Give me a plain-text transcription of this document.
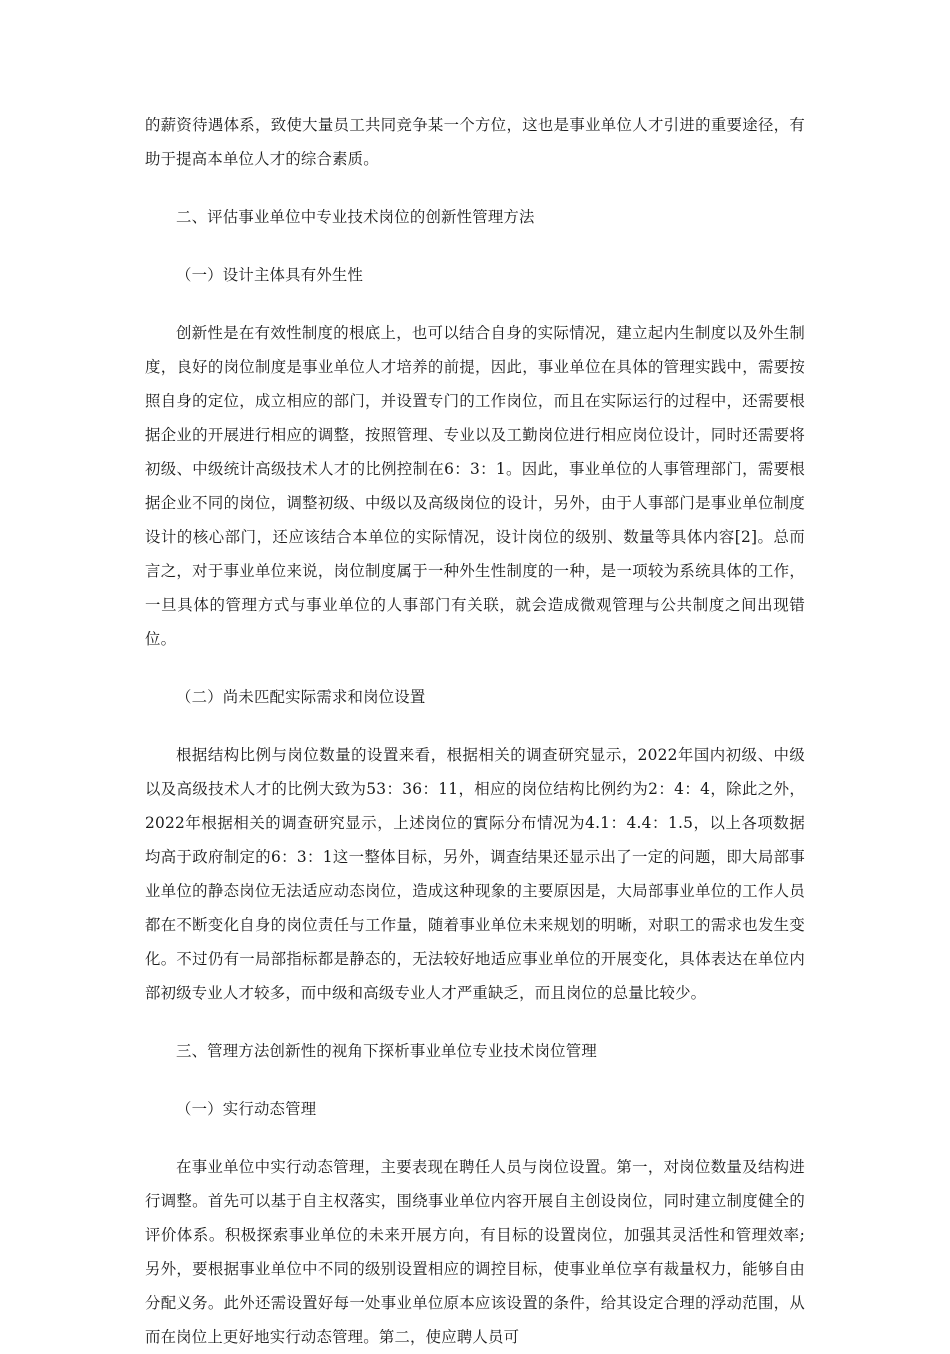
的薪资待遇体系，致使大量员工共同竞争某一个方位，这也是事业单位人才引进的重要途径，有助于提高本单位人才的综合素质。

二、评估事业单位中专业技术岗位的创新性管理方法

（一）设计主体具有外生性

创新性是在有效性制度的根底上，也可以结合自身的实际情况，建立起内生制度以及外生制度，良好的岗位制度是事业单位人才培养的前提，因此，事业单位在具体的管理实践中，需要按照自身的定位，成立相应的部门，并设置专门的工作岗位，而且在实际运行的过程中，还需要根据企业的开展进行相应的调整，按照管理、专业以及工勤岗位进行相应岗位设计，同时还需要将初级、中级统计高级技术人才的比例控制在6：3：1。因此，事业单位的人事管理部门，需要根据企业不同的岗位，调整初级、中级以及高级岗位的设计，另外，由于人事部门是事业单位制度设计的核心部门，还应该结合本单位的实际情况，设计岗位的级别、数量等具体内容[2]。总而言之，对于事业单位来说，岗位制度属于一种外生性制度的一种，是一项较为系统具体的工作，一旦具体的管理方式与事业单位的人事部门有关联，就会造成微观管理与公共制度之间出现错位。

（二）尚未匹配实际需求和岗位设置

根据结构比例与岗位数量的设置来看，根据相关的调查研究显示，2022年国内初级、中级以及高级技术人才的比例大致为53：36：11，相应的岗位结构比例约为2：4：4，除此之外，2022年根据相关的调查研究显示，上述岗位的實际分布情况为4.1：4.4：1.5，以上各项数据均高于政府制定的6：3：1这一整体目标，另外，调查结果还显示出了一定的问题，即大局部事业单位的静态岗位无法适应动态岗位，造成这种现象的主要原因是，大局部事业单位的工作人员都在不断变化自身的岗位责任与工作量，随着事业单位未来规划的明晰，对职工的需求也发生变化。不过仍有一局部指标都是静态的，无法较好地适应事业单位的开展变化，具体表达在单位内部初级专业人才较多，而中级和高级专业人才严重缺乏，而且岗位的总量比较少。

三、管理方法创新性的视角下探析事业单位专业技术岗位管理

（一）实行动态管理

在事业单位中实行动态管理，主要表现在聘任人员与岗位设置。第一，对岗位数量及结构进行调整。首先可以基于自主权落实，围绕事业单位内容开展自主创设岗位，同时建立制度健全的评价体系。积极探索事业单位的未来开展方向，有目标的设置岗位，加强其灵活性和管理效率;另外，要根据事业单位中不同的级别设置相应的调控目标，使事业单位享有裁量权力，能够自由分配义务。此外还需设置好每一处事业单位原本应该设置的条件，给其设定合理的浮动范围，从而在岗位上更好地实行动态管理。第二，使应聘人员可
